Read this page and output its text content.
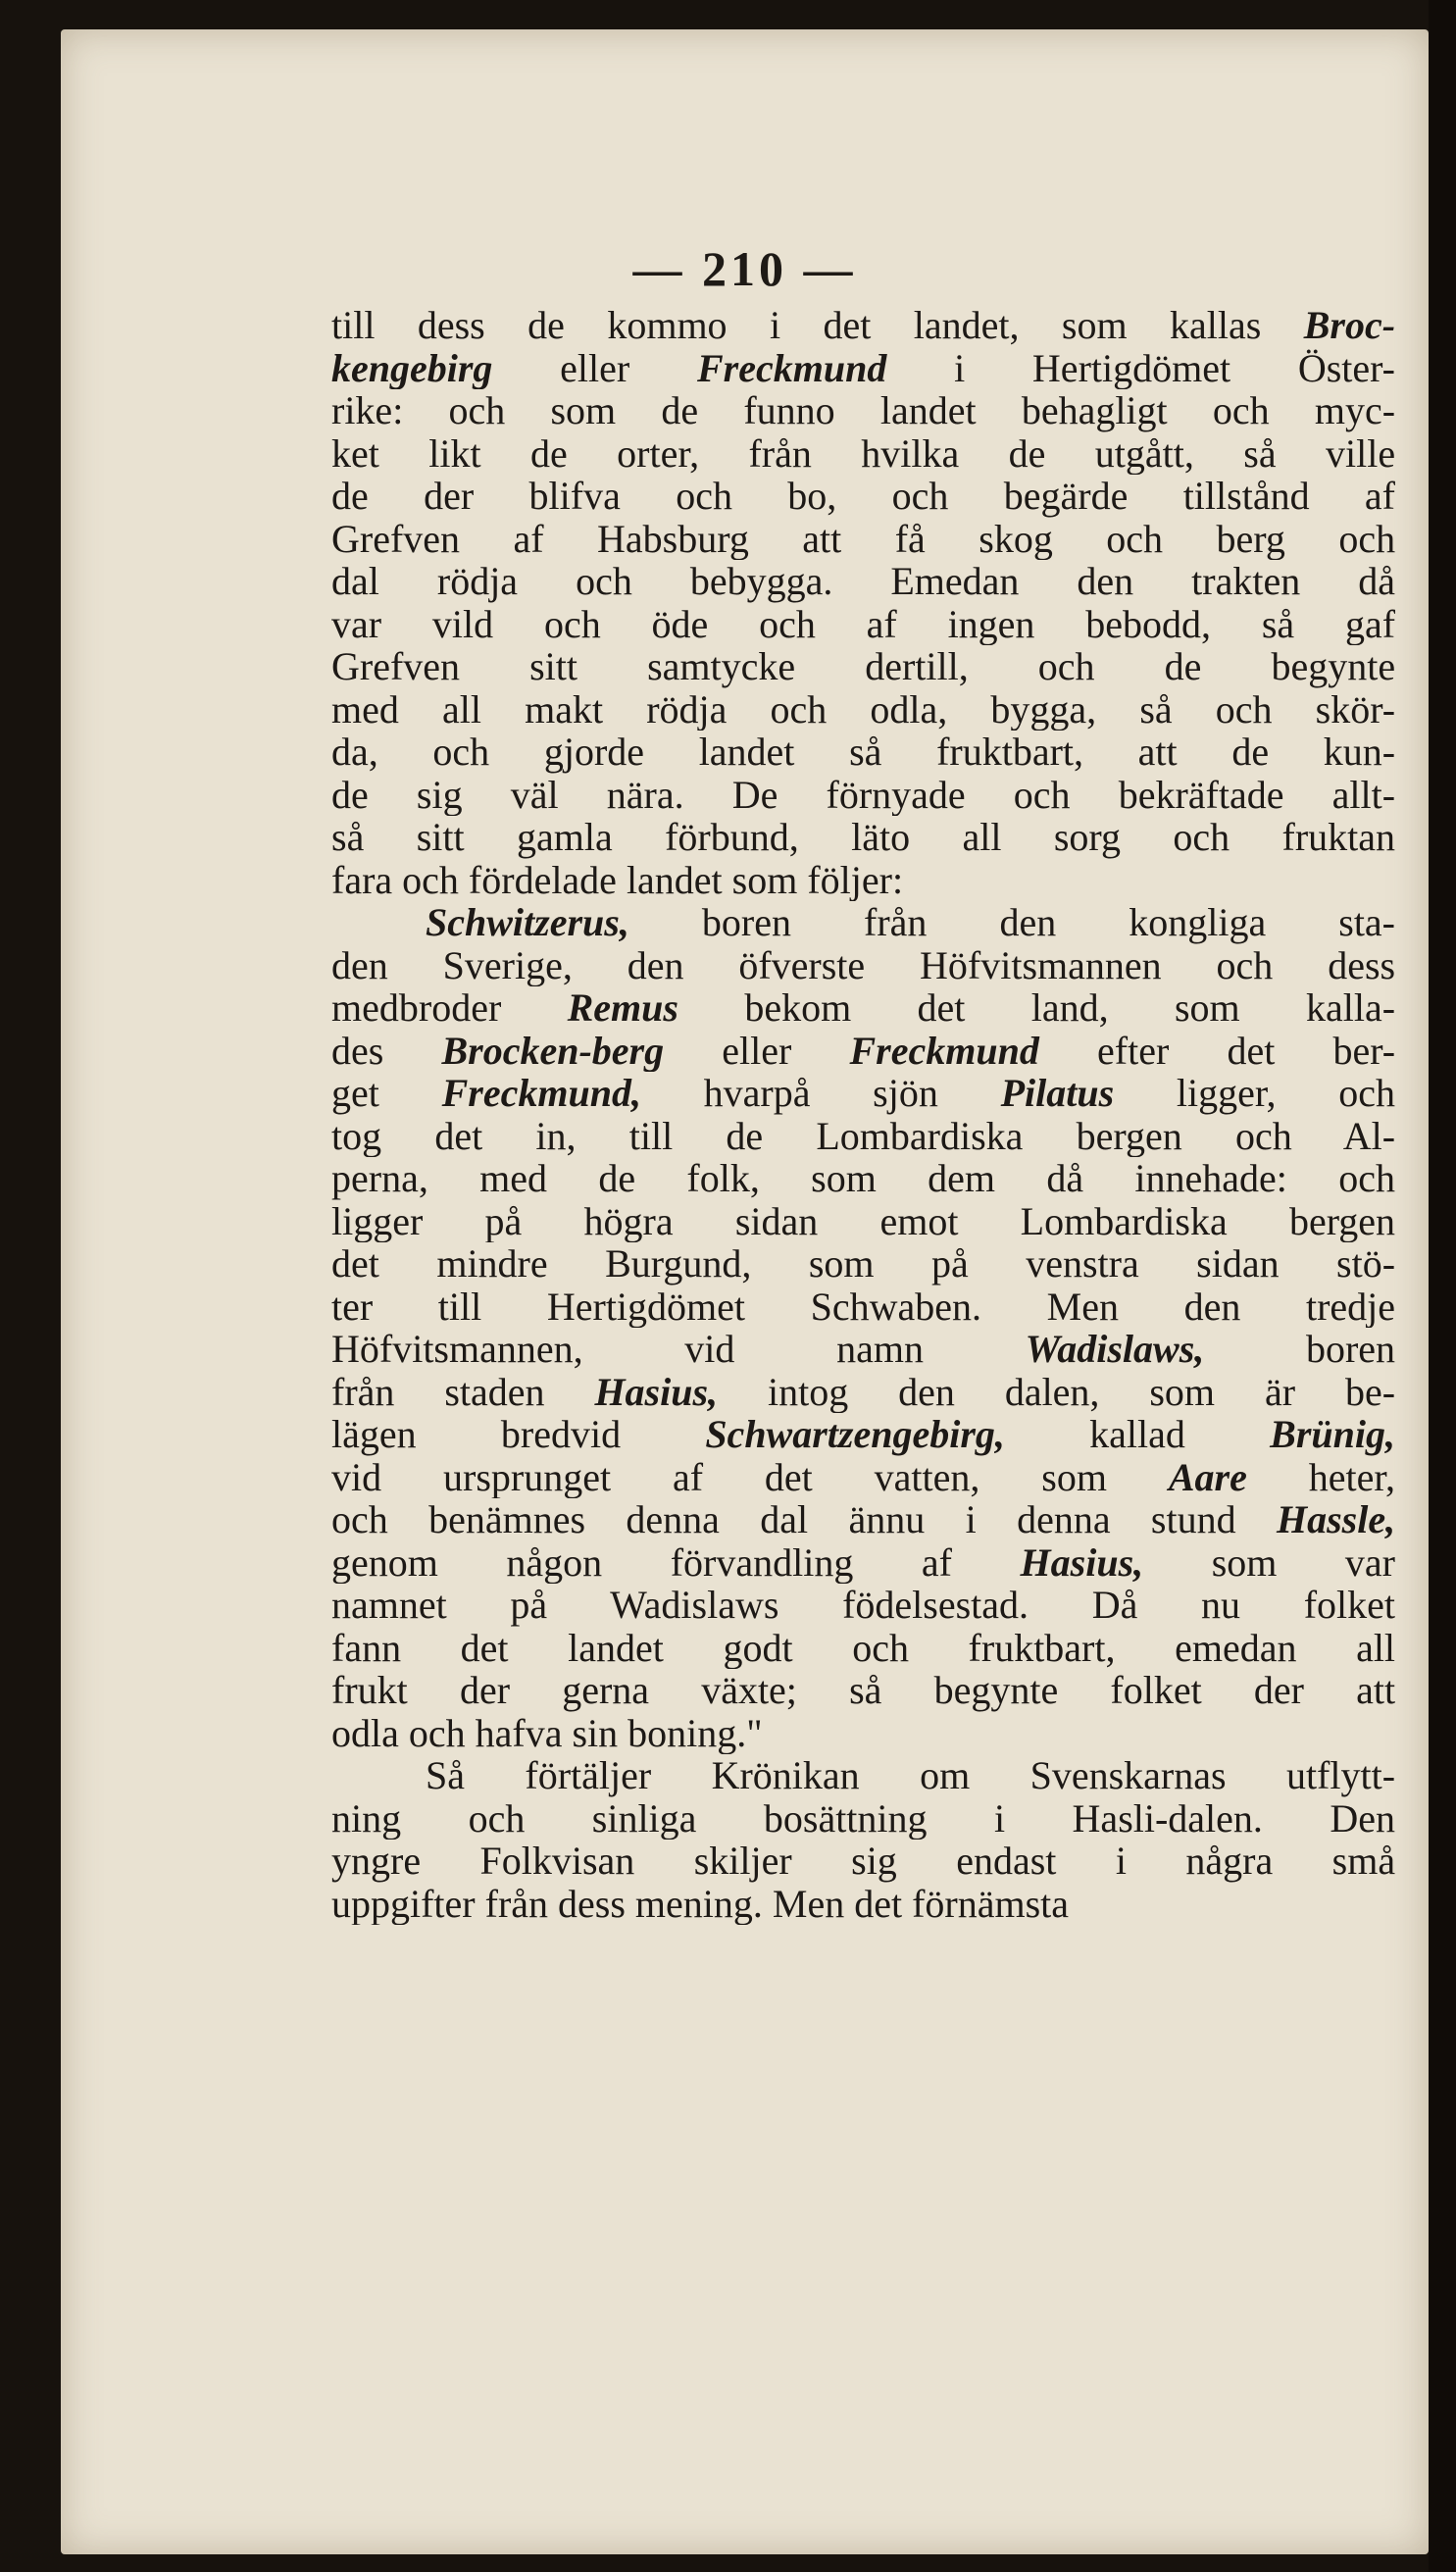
— 210 —
till dess de kommo i det landet, som kallas Broc-
kengebirg eller Freckmund i Hertigdömet Öster-
rike: och som de funno landet behagligt och myc-
ket likt de orter, från hvilka de utgått, så ville
de der blifva och bo, och begärde tillstånd af
Grefven af Habsburg att få skog och berg och
dal rödja och bebygga. Emedan den trakten då
var vild och öde och af ingen bebodd, så gaf
Grefven sitt samtycke dertill, och de begynte
med all makt rödja och odla, bygga, så och skör-
da, och gjorde landet så fruktbart, att de kun-
de sig väl nära. De förnyade och bekräftade allt-
så sitt gamla förbund, läto all sorg och fruktan
fara och fördelade landet som följer:
Schwitzerus, boren från den kongliga sta-
den Sverige, den öfverste Höfvitsmannen och dess
medbroder Remus bekom det land, som kalla-
des Brocken-berg eller Freckmund efter det ber-
get Freckmund, hvarpå sjön Pilatus ligger, och
tog det in, till de Lombardiska bergen och Al-
perna, med de folk, som dem då innehade: och
ligger på högra sidan emot Lombardiska bergen
det mindre Burgund, som på venstra sidan stö-
ter till Hertigdömet Schwaben. Men den tredje
Höfvitsmannen,	vid	namn	Wadislaws,	boren
från staden Hasius, intog den dalen, som är be-
lägen bredvid Schwartzengebirg, kallad Brünig,
vid ursprunget af det vatten, som Aare heter,
och benämnes denna dal ännu i denna stund Hassle,
genom någon förvandling af Hasius, som var
namnet på Wadislaws födelsestad. Då nu folket
fann det landet godt och fruktbart, emedan all
frukt der gerna växte; så begynte folket der att
odla och hafva sin boning."
Så förtäljer Krönikan om Svenskarnas utflytt-
ning och sinliga bosättning i Hasli-dalen. Den
yngre Folkvisan skiljer sig endast i några små
uppgifter från dess mening. Men det förnämsta
